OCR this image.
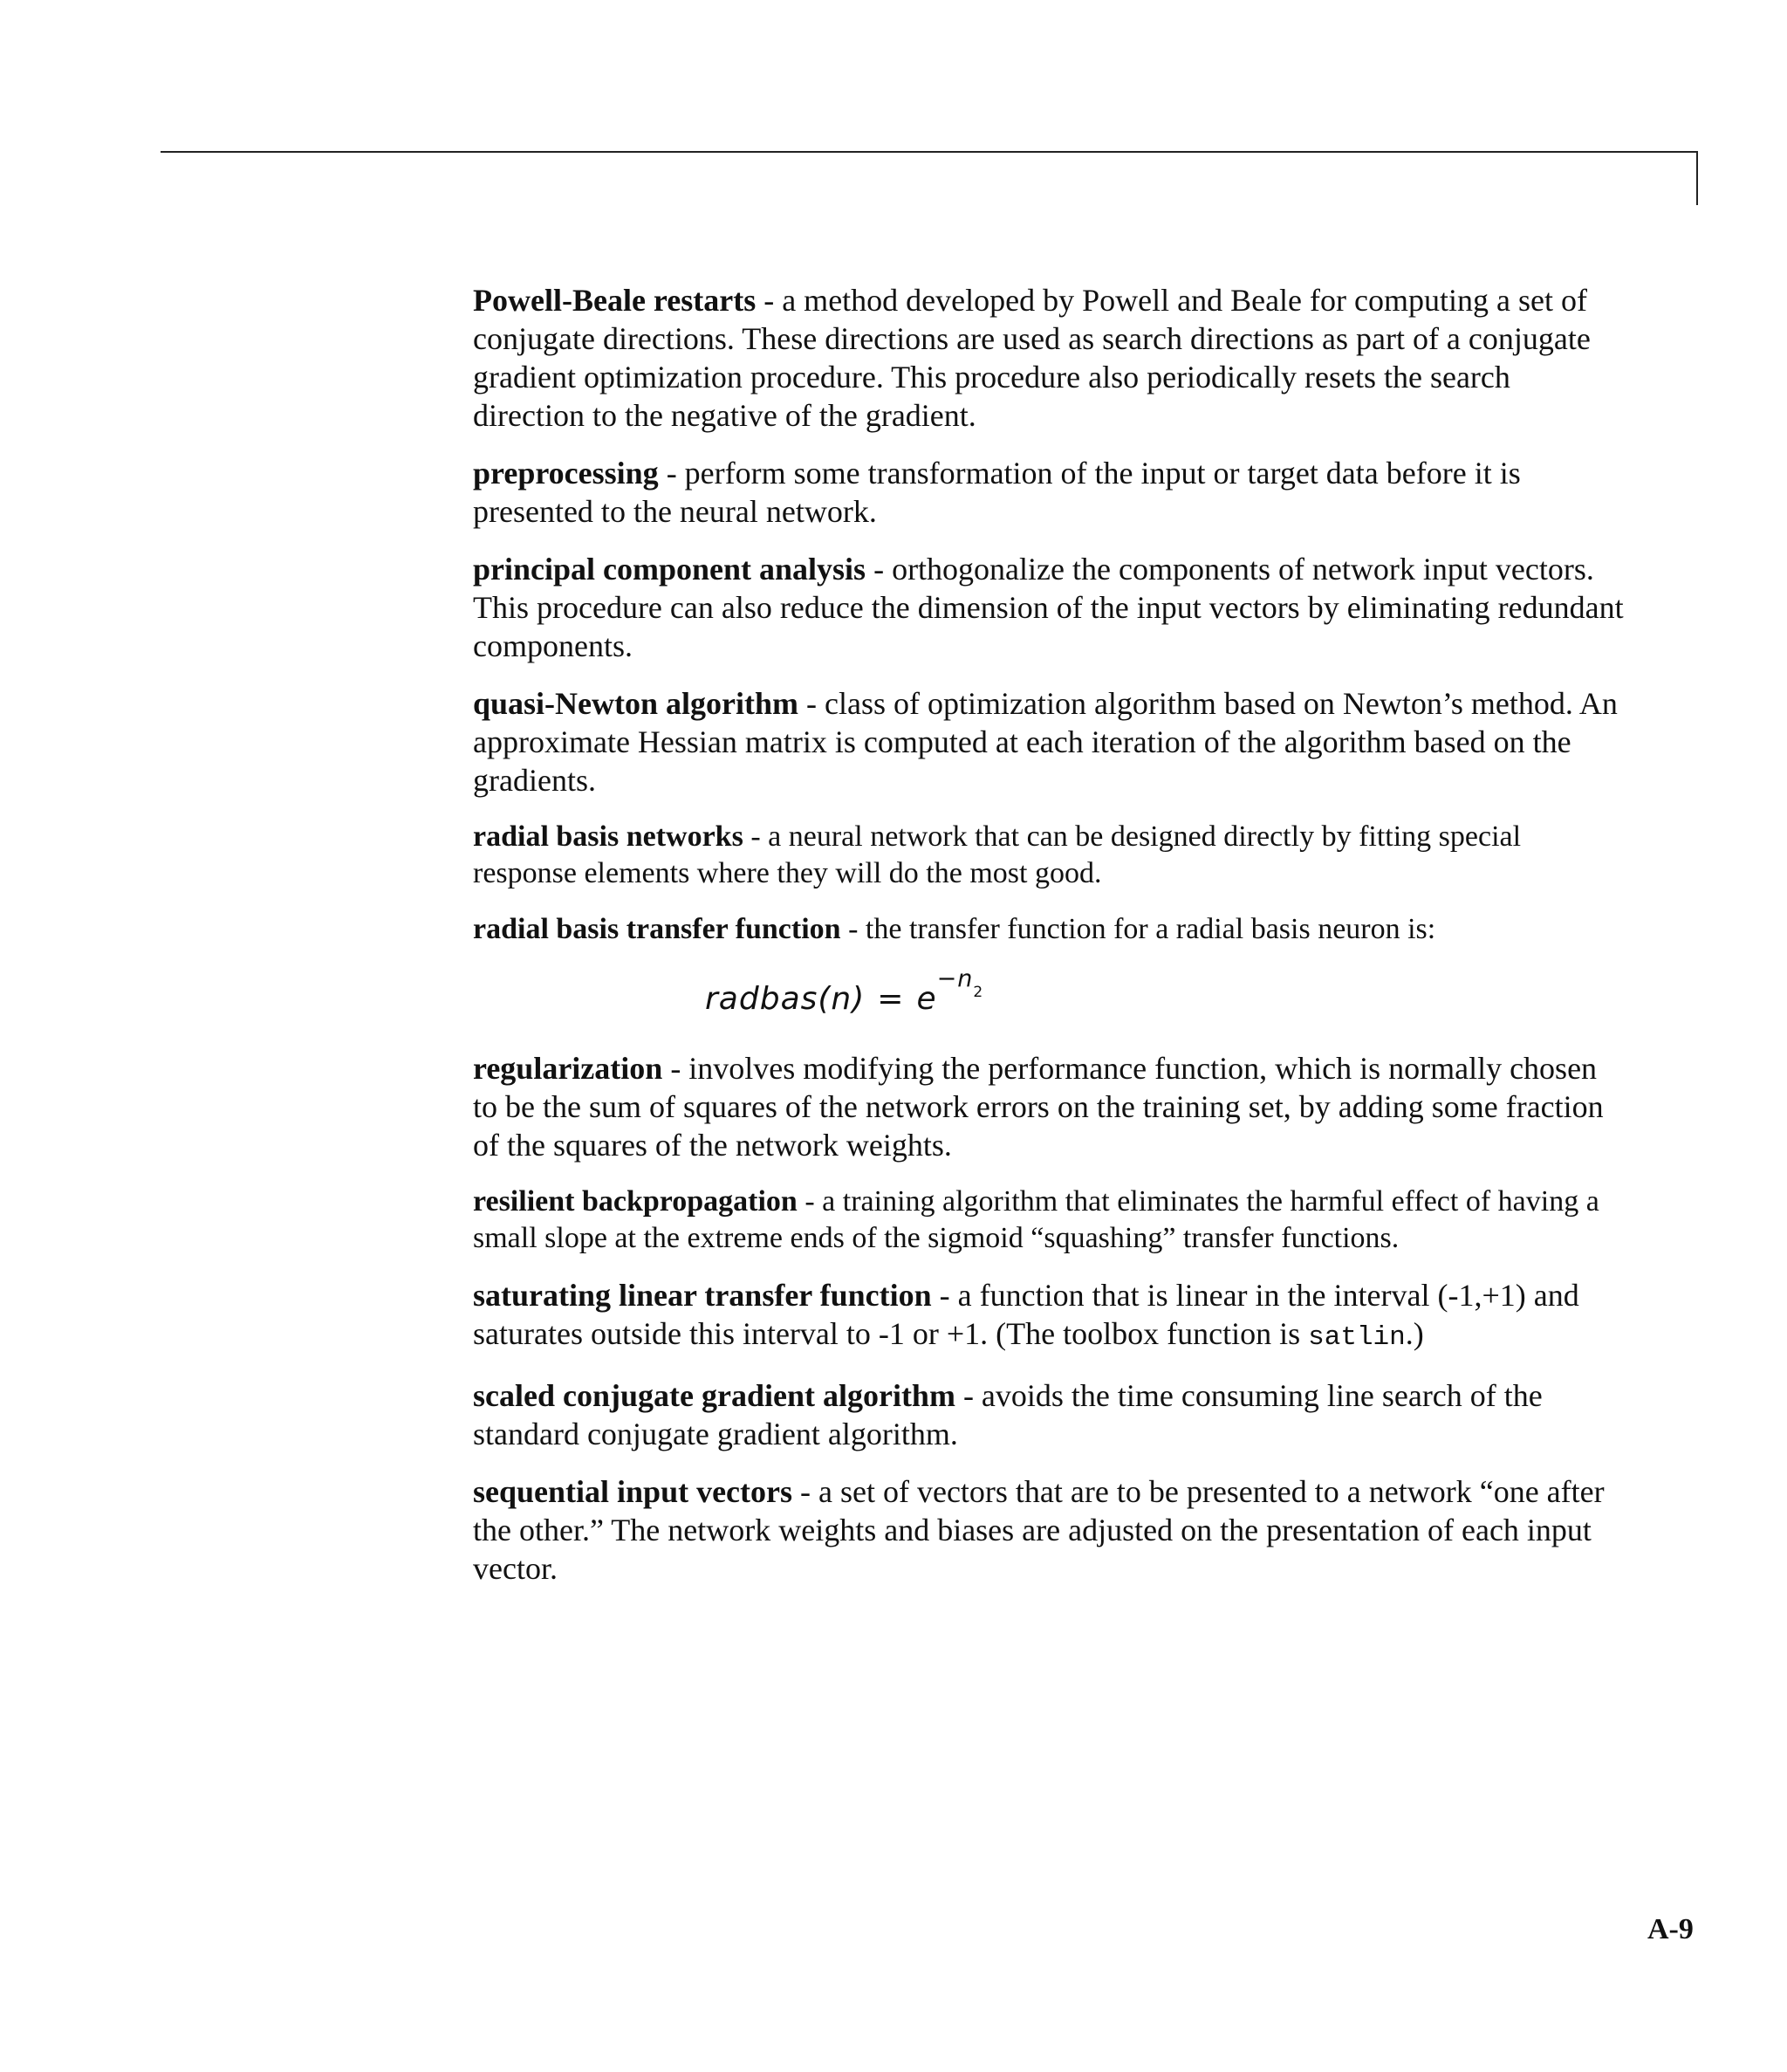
Powell-Beale restarts - a method developed by Powell and Beale for computing a set of conjugate directions. These directions are used as search directions as part of a conjugate gradient optimization procedure. This procedure also periodically resets the search direction to the negative of the gradient.

preprocessing - perform some transformation of the input or target data before it is presented to the neural network.

principal component analysis - orthogonalize the components of network input vectors. This procedure can also reduce the dimension of the input vectors by eliminating redundant components.

quasi-Newton algorithm - class of optimization algorithm based on Newton’s method. An approximate Hessian matrix is computed at each iteration of the algorithm based on the gradients.

radial basis networks - a neural network that can be designed directly by fitting special response elements where they will do the most good.

radial basis transfer function - the transfer function for a radial basis neuron is:

radbas(n) = $e^{-n2}$

regularization - involves modifying the performance function, which is normally chosen to be the sum of squares of the network errors on the training set, by adding some fraction of the squares of the network weights.

resilient backpropagation - a training algorithm that eliminates the harmful effect of having a small slope at the extreme ends of the sigmoid “squashing” transfer functions.

saturating linear transfer function - a function that is linear in the interval (-1,+1) and saturates outside this interval to -1 or +1. (The toolbox function is satlin.)

scaled conjugate gradient algorithm - avoids the time consuming line search of the standard conjugate gradient algorithm.

sequential input vectors - a set of vectors that are to be presented to a network “one after the other.” The network weights and biases are adjusted on the presentation of each input vector.

A-9
